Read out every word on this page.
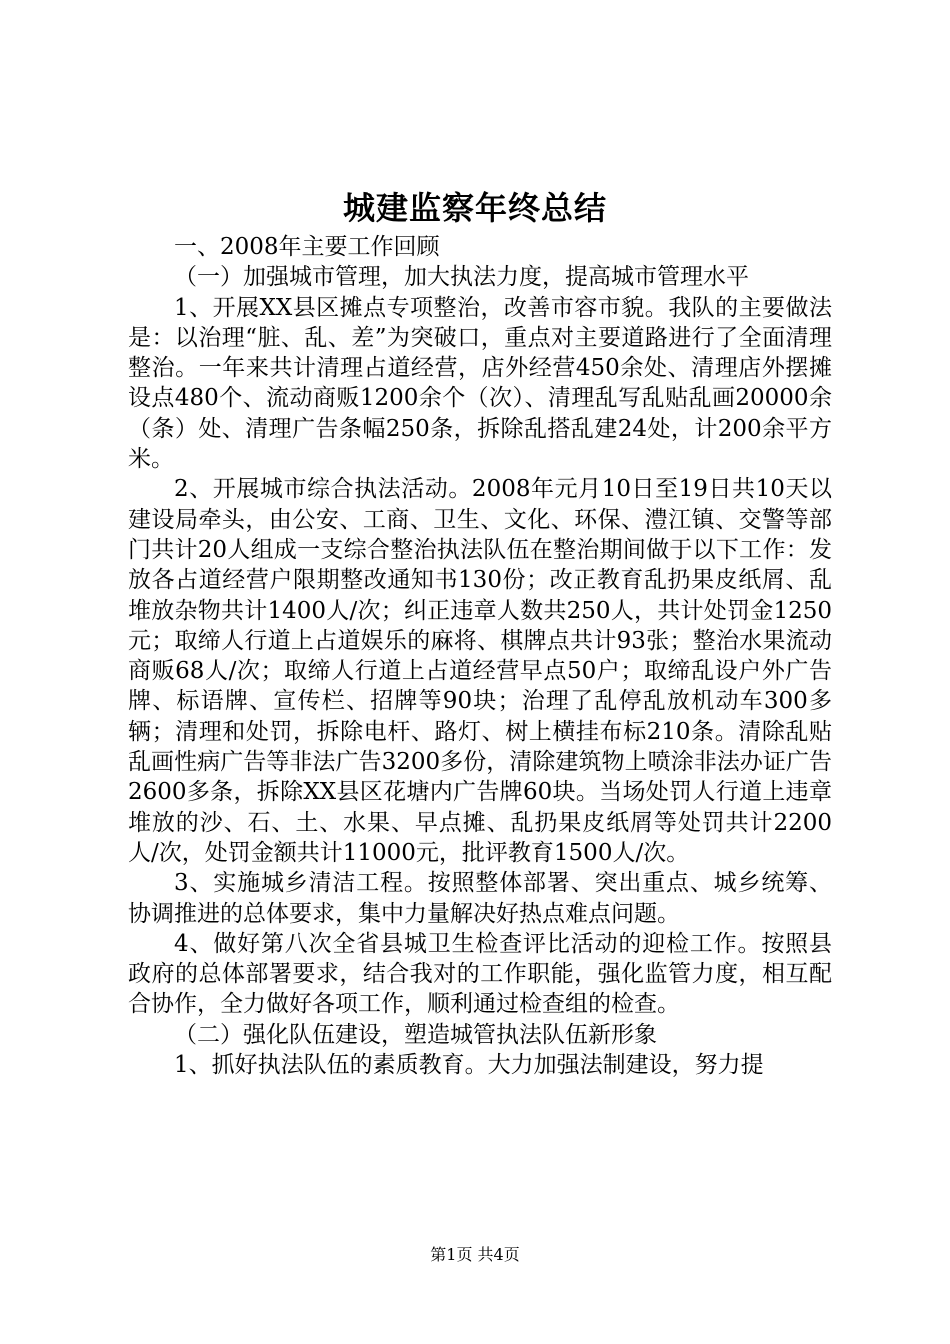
城建监察年终总结

一、2008年主要工作回顾

（一）加强城市管理，加大执法力度，提高城市管理水平

1、开展XX县区摊点专项整治，改善市容市貌。我队的主要做法是：以治理“脏、乱、差”为突破口，重点对主要道路进行了全面清理整治。一年来共计清理占道经营，店外经营450余处、清理店外摆摊设点480个、流动商贩1200余个（次）、清理乱写乱贴乱画20000余（条）处、清理广告条幅250条，拆除乱搭乱建24处，计200余平方米。

2、开展城市综合执法活动。2008年元月10日至19日共10天以建设局牵头，由公安、工商、卫生、文化、环保、澧江镇、交警等部门共计20人组成一支综合整治执法队伍在整治期间做于以下工作：发放各占道经营户限期整改通知书130份；改正教育乱扔果皮纸屑、乱堆放杂物共计1400人/次；纠正违章人数共250人，共计处罚金1250元；取缔人行道上占道娱乐的麻将、棋牌点共计93张；整治水果流动商贩68人/次；取缔人行道上占道经营早点50户；取缔乱设户外广告牌、标语牌、宣传栏、招牌等90块；治理了乱停乱放机动车300多辆；清理和处罚，拆除电杆、路灯、树上横挂布标210条。清除乱贴乱画性病广告等非法广告3200多份，清除建筑物上喷涂非法办证广告2600多条，拆除XX县区花塘内广告牌60块。当场处罚人行道上违章堆放的沙、石、土、水果、早点摊、乱扔果皮纸屑等处罚共计2200人/次，处罚金额共计11000元，批评教育1500人/次。

3、实施城乡清洁工程。按照整体部署、突出重点、城乡统筹、协调推进的总体要求，集中力量解决好热点难点问题。

4、做好第八次全省县城卫生检查评比活动的迎检工作。按照县政府的总体部署要求，结合我对的工作职能，强化监管力度，相互配合协作，全力做好各项工作，顺利通过检查组的检查。

（二）强化队伍建设，塑造城管执法队伍新形象

1、抓好执法队伍的素质教育。大力加强法制建设，努力提

第1页 共4页
